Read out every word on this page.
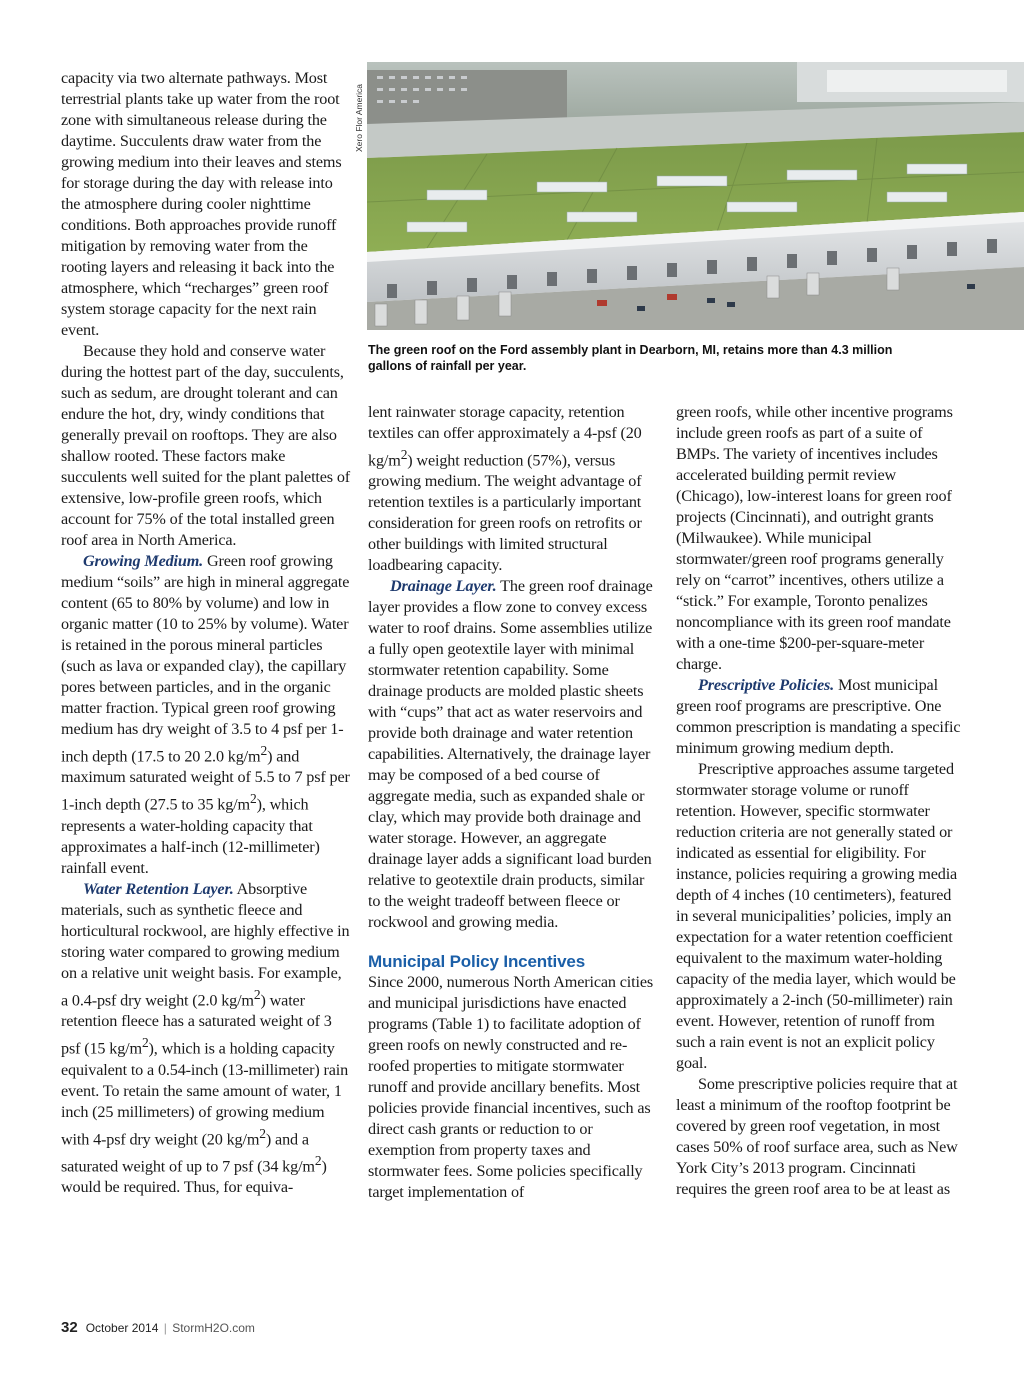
Xero Flor America
The green roof on the Ford assembly plant in Dearborn, MI, retains more than 4.3 million gallons of rainfall per year.

capacity via two alternate pathways. Most terrestrial plants take up water from the root zone with simultaneous release during the daytime. Succulents draw water from the growing medium into their leaves and stems for storage during the day with release into the atmosphere during cooler nighttime conditions. Both approaches provide runoff mitigation by removing water from the rooting layers and releasing it back into the atmosphere, which “recharges” green roof system storage capacity for the next rain event.

Because they hold and conserve water during the hottest part of the day, succulents, such as sedum, are drought tolerant and can endure the hot, dry, windy conditions that generally prevail on rooftops. They are also shallow rooted. These factors make succulents well suited for the plant palettes of extensive, low-profile green roofs, which account for 75% of the total installed green roof area in North America.

Growing Medium. Green roof growing medium “soils” are high in mineral aggregate content (65 to 80% by volume) and low in organic matter (10 to 25% by volume). Water is retained in the porous mineral particles (such as lava or expanded clay), the capillary pores between particles, and in the organic matter fraction. Typical green roof growing medium has dry weight of 3.5 to 4 psf per 1-inch depth (17.5 to 20 2.0 $kg/m^2$) and maximum saturated weight of 5.5 to 7 psf per 1-inch depth (27.5 to 35 $kg/m^2$), which represents a water-holding capacity that approximates a half-inch (12-millimeter) rainfall event.

Water Retention Layer. Absorptive materials, such as synthetic fleece and horticultural rockwool, are highly effective in storing water compared to growing medium on a relative unit weight basis. For example, a 0.4-psf dry weight (2.0 $kg/m^2$) water retention fleece has a saturated weight of 3 psf (15 $kg/m^2$), which is a holding capacity equivalent to a 0.54-inch (13-millimeter) rain event. To retain the same amount of water, 1 inch (25 millimeters) of growing medium with 4-psf dry weight (20 $kg/m^2$) and a saturated weight of up to 7 psf (34 $kg/m^2$) would be required. Thus, for equiva-

lent rainwater storage capacity, retention textiles can offer approximately a 4-psf (20 $kg/m^2$) weight reduction (57%), versus growing medium. The weight advantage of retention textiles is a particularly important consideration for green roofs on retrofits or other buildings with limited structural loadbearing capacity.

Drainage Layer. The green roof drainage layer provides a flow zone to convey excess water to roof drains. Some assemblies utilize a fully open geotextile layer with minimal stormwater retention capability. Some drainage products are molded plastic sheets with “cups” that act as water reservoirs and provide both drainage and water retention capabilities. Alternatively, the drainage layer may be composed of a bed course of aggregate media, such as expanded shale or clay, which may provide both drainage and water storage. However, an aggregate drainage layer adds a significant load burden relative to geotextile drain products, similar to the weight tradeoff between fleece or rockwool and growing media.

Municipal Policy Incentives

Since 2000, numerous North American cities and municipal jurisdictions have enacted programs (Table 1) to facilitate adoption of green roofs on newly constructed and re-roofed properties to mitigate stormwater runoff and provide ancillary benefits. Most policies provide financial incentives, such as direct cash grants or reduction to or exemption from property taxes and stormwater fees. Some policies specifically target implementation of

green roofs, while other incentive programs include green roofs as part of a suite of BMPs. The variety of incentives includes accelerated building permit review (Chicago), low-interest loans for green roof projects (Cincinnati), and outright grants (Milwaukee). While municipal stormwater/green roof programs generally rely on “carrot” incentives, others utilize a “stick.” For example, Toronto penalizes noncompliance with its green roof mandate with a one-time $200-per-square-meter charge.

Prescriptive Policies. Most municipal green roof programs are prescriptive. One common prescription is mandating a specific minimum growing medium depth.

Prescriptive approaches assume targeted stormwater storage volume or runoff retention. However, specific stormwater reduction criteria are not generally stated or indicated as essential for eligibility. For instance, policies requiring a growing media depth of 4 inches (10 centimeters), featured in several municipalities’ policies, imply an expectation for a water retention coefficient equivalent to the maximum water-holding capacity of the media layer, which would be approximately a 2-inch (50-millimeter) rain event. However, retention of runoff from such a rain event is not an explicit policy goal.

Some prescriptive policies require that at least a minimum of the rooftop footprint be covered by green roof vegetation, in most cases 50% of roof surface area, such as New York City’s 2013 program. Cincinnati requires the green roof area to be at least as

32 October 2014 | StormH2O.com
